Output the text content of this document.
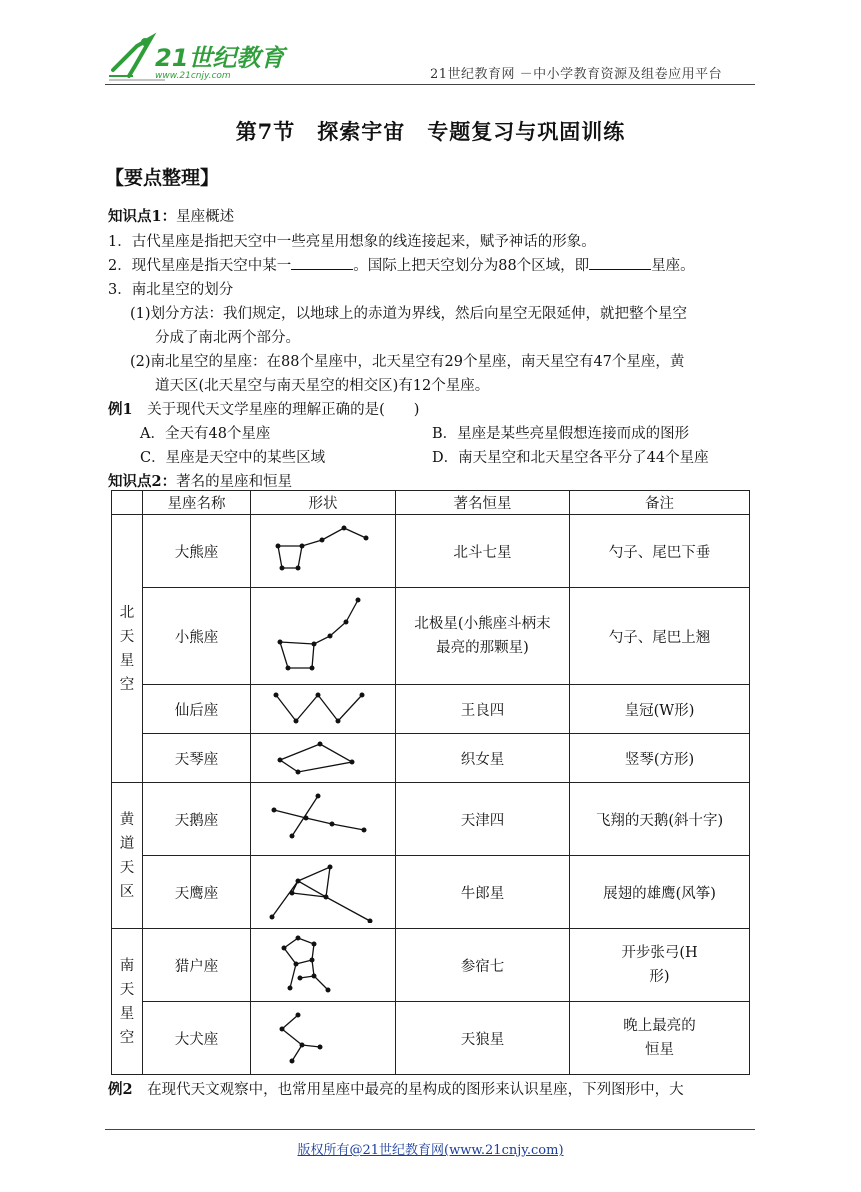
21世纪教育
www.21cnjy.com	21世纪教育网 －中小学教育资源及组卷应用平台
第7节　探索宇宙　专题复习与巩固训练
【要点整理】
知识点1：星座概述
1．古代星座是指把天空中一些亮星用想象的线连接起来，赋予神话的形象。
2．现代星座是指天空中某一	。国际上把天空划分为88个区域，即	星座。
3．南北星空的划分
(1)划分方法：我们规定，以地球上的赤道为界线，然后向星空无限延伸，就把整个星空
分成了南北两个部分。
(2)南北星空的星座：在88个星座中，北天星空有29个星座，南天星空有47个星座，黄
道天区(北天星空与南天星空的相交区)有12个星座。
例1　 关于现代天文学星座的理解正确的是(　　)
A．全天有48个星座	B．星座是某些亮星假想连接而成的图形
C．星座是天空中的某些区域	D．南天星空和北天星空各平分了44个星座
知识点2：著名的星座和恒星
	星座名称	形状	著名恒星	备注
北天星空	大熊座		北斗七星	勺子、尾巴下垂
	小熊座		北极星(小熊座斗柄末最亮的那颗星)	勺子、尾巴上翘
	仙后座		王良四	皇冠(W形)
	天琴座		织女星	竖琴(方形)
黄道天区	天鹅座		天津四	飞翔的天鹅(斜十字)
	天鹰座		牛郎星	展翅的雄鹰(风筝)
南天星空	猎户座		参宿七	开步张弓(H形)

	大犬座		天狼星	晚上最亮的恒星
例2　 在现代天文观察中，也常用星座中最亮的星构成的图形来认识星座，下列图形中，大
版权所有@21世纪教育网(www.21cnjy.com)
